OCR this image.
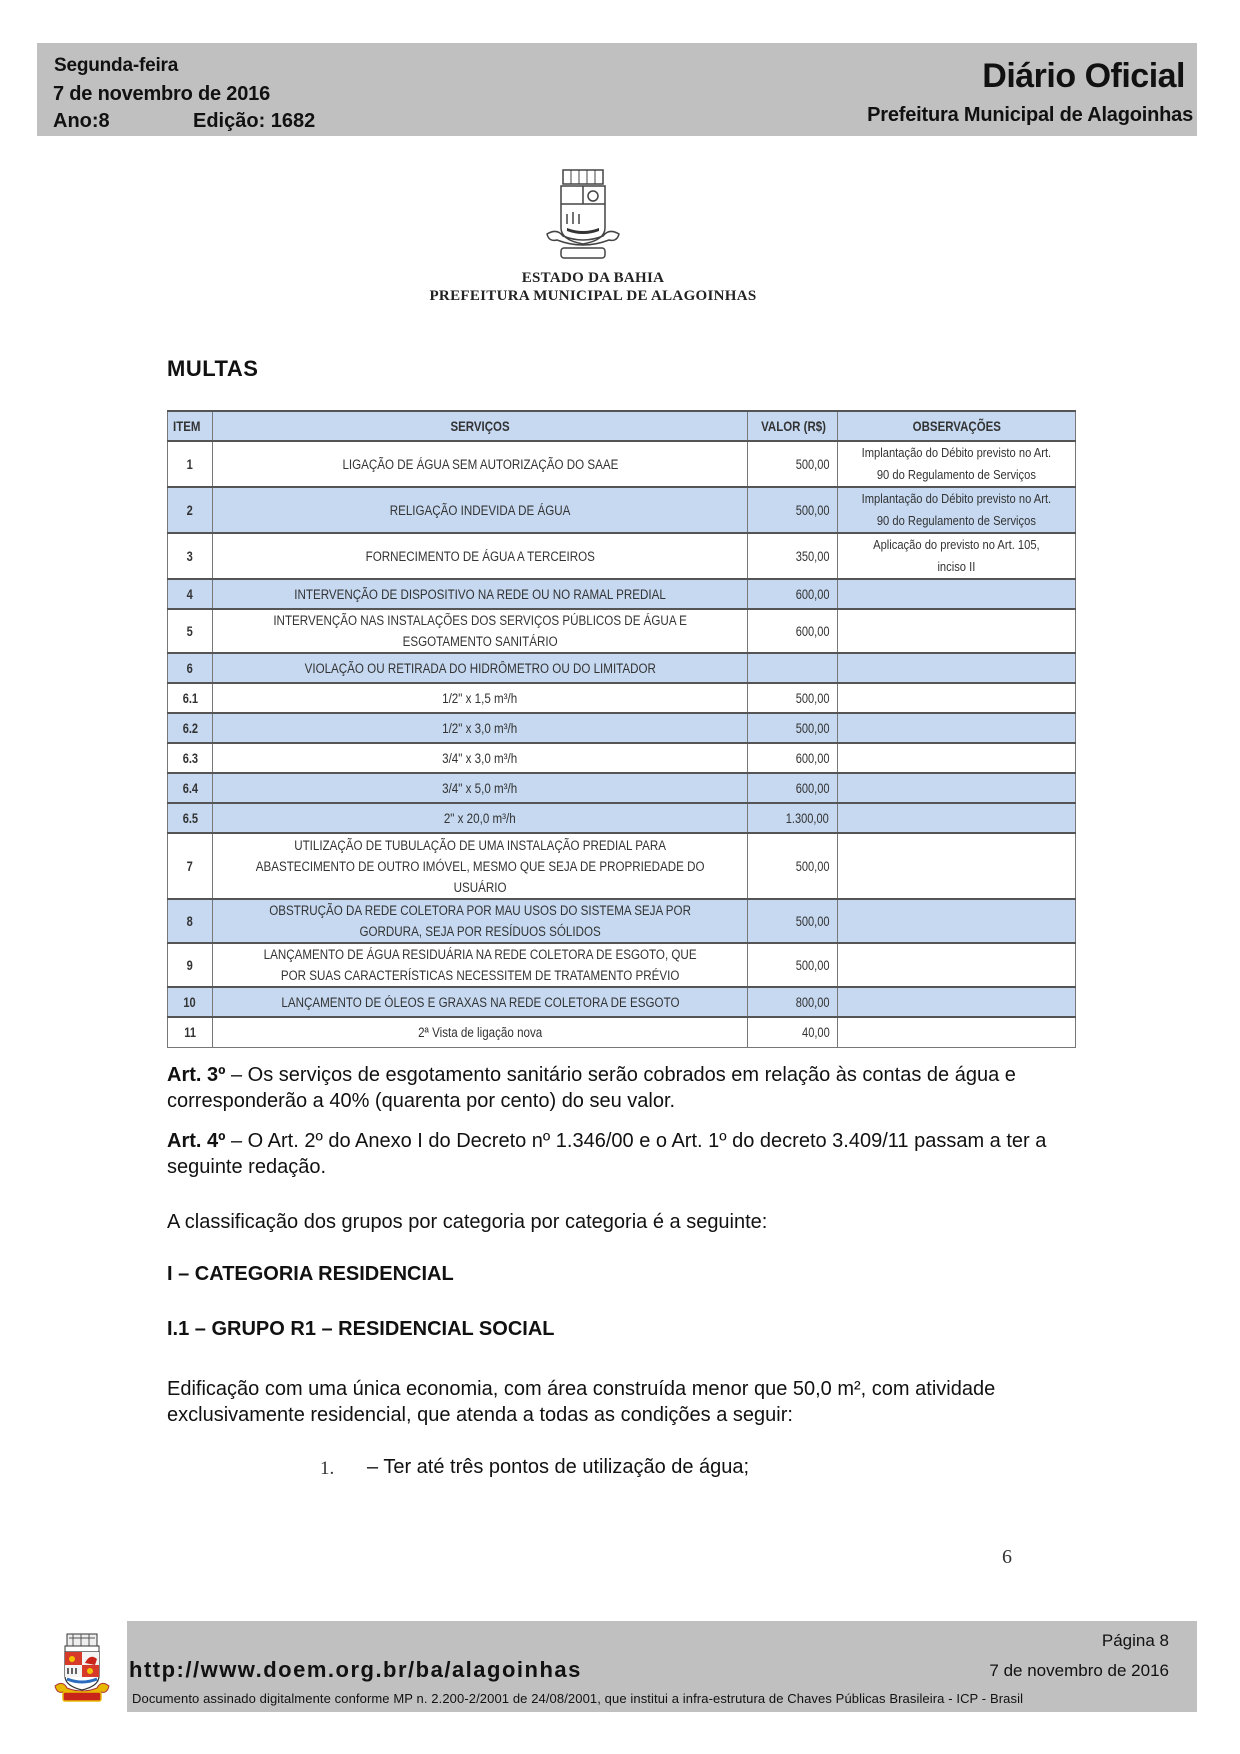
Segunda-feira
7 de novembro de 2016
Ano:8	Edição: 1682
Diário Oficial
Prefeitura Municipal de Alagoinhas
ESTADO DA BAHIA
PREFEITURA MUNICIPAL DE ALAGOINHAS
MULTAS
ITEM	SERVIÇOS	VALOR (R$)	OBSERVAÇÕES
1	LIGAÇÃO DE ÁGUA SEM AUTORIZAÇÃO DO SAAE	500,00	Implantação do Débito previsto no Art. 90 do Regulamento de Serviços
2	RELIGAÇÃO INDEVIDA DE ÁGUA	500,00	Implantação do Débito previsto no Art. 90 do Regulamento de Serviços
3	FORNECIMENTO DE ÁGUA A TERCEIROS	350,00	Aplicação do previsto no Art. 105, inciso II
4	INTERVENÇÃO DE DISPOSITIVO NA REDE OU NO RAMAL PREDIAL	600,00	
5	INTERVENÇÃO NAS INSTALAÇÕES DOS SERVIÇOS PÚBLICOS DE ÁGUA E ESGOTAMENTO SANITÁRIO	600,00	
6	VIOLAÇÃO OU RETIRADA DO HIDRÔMETRO OU DO LIMITADOR		
6.1	1/2" x 1,5 m³/h	500,00	
6.2	1/2" x 3,0 m³/h	500,00	
6.3	3/4" x 3,0 m³/h	600,00	
6.4	3/4" x 5,0 m³/h	600,00	
6.5	2" x 20,0 m³/h	1.300,00	
7	UTILIZAÇÃO DE TUBULAÇÃO DE UMA INSTALAÇÃO PREDIAL PARA ABASTECIMENTO DE OUTRO IMÓVEL, MESMO QUE SEJA DE PROPRIEDADE DO USUÁRIO	500,00	
8	OBSTRUÇÃO DA REDE COLETORA POR MAU USOS DO SISTEMA SEJA POR GORDURA, SEJA POR RESÍDUOS SÓLIDOS	500,00	
9	LANÇAMENTO DE ÁGUA RESIDUÁRIA NA REDE COLETORA DE ESGOTO, QUE POR SUAS CARACTERÍSTICAS NECESSITEM DE TRATAMENTO PRÉVIO	500,00	
10	LANÇAMENTO DE ÓLEOS E GRAXAS NA REDE COLETORA DE ESGOTO	800,00	
11	2ª Vista de ligação nova	40,00	
Art. 3º – Os serviços de esgotamento sanitário serão cobrados em relação às contas de água e corresponderão a 40% (quarenta por cento) do seu valor.
Art. 4º – O Art. 2º do Anexo I do Decreto nº 1.346/00 e o Art. 1º do decreto 3.409/11 passam a ter a seguinte redação.
A classificação dos grupos por categoria por categoria é a seguinte:
I – CATEGORIA RESIDENCIAL
I.1 – GRUPO R1 – RESIDENCIAL SOCIAL
Edificação com uma única economia, com área construída menor que 50,0 m², com atividade exclusivamente residencial, que atenda a todas as condições a seguir:
1. – Ter até três pontos de utilização de água;
6
http://www.doem.org.br/ba/alagoinhas
Documento assinado digitalmente conforme MP n. 2.200-2/2001 de 24/08/2001, que institui a infra-estrutura de Chaves Públicas Brasileira - ICP - Brasil
Página 8
7 de novembro de 2016
